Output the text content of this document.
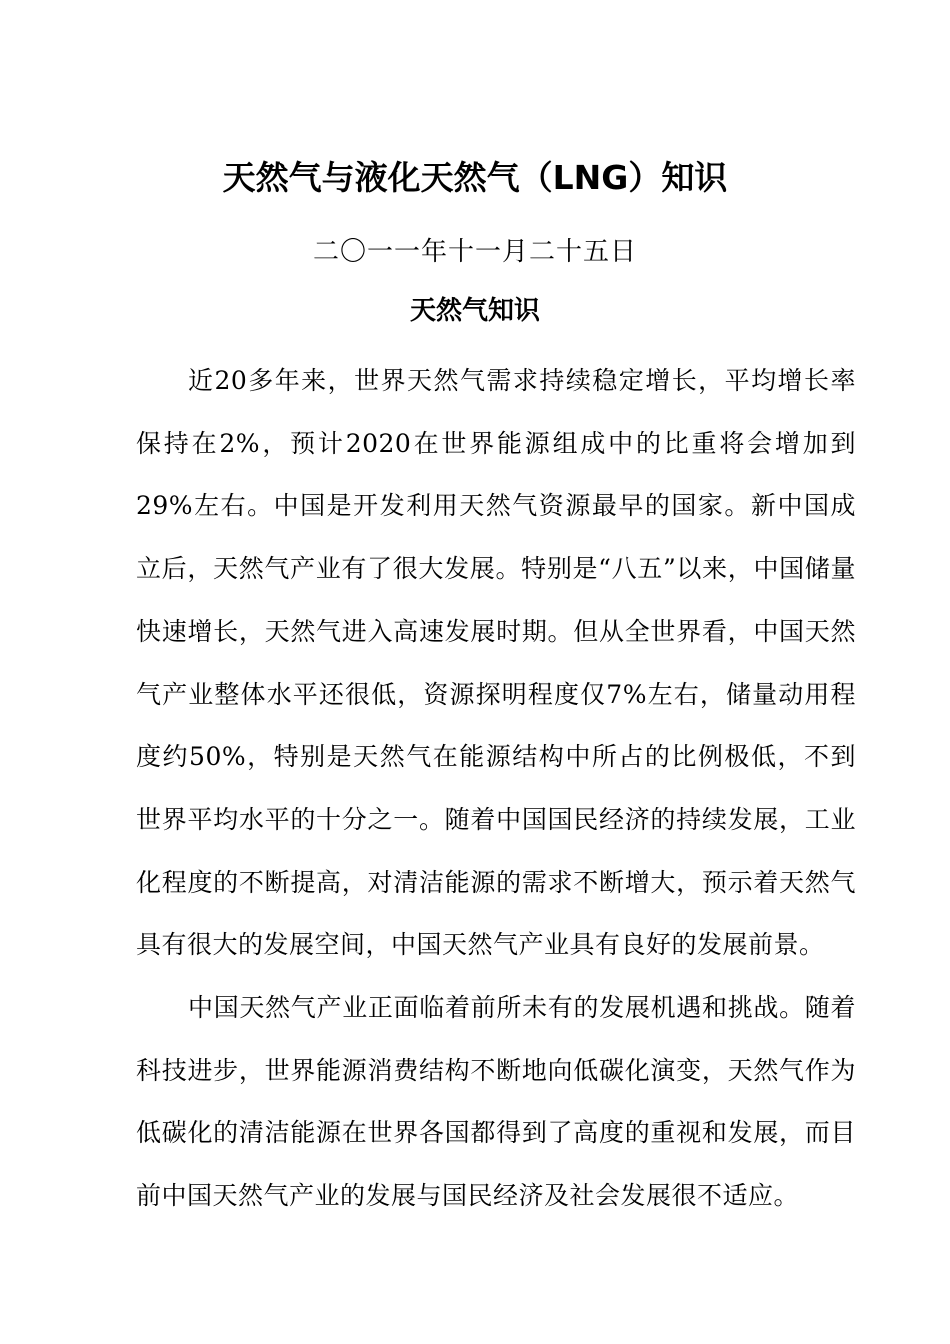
天然气与液化天然气（LNG）知识

二〇一一年十一月二十五日

天然气知识

近20多年来，世界天然气需求持续稳定增长，平均增长率保持在2%，预计2020在世界能源组成中的比重将会增加到29%左右。中国是开发利用天然气资源最早的国家。新中国成立后，天然气产业有了很大发展。特别是“八五”以来，中国储量快速增长，天然气进入高速发展时期。但从全世界看，中国天然气产业整体水平还很低，资源探明程度仅7%左右，储量动用程度约50%，特别是天然气在能源结构中所占的比例极低，不到世界平均水平的十分之一。随着中国国民经济的持续发展，工业化程度的不断提高，对清洁能源的需求不断增大，预示着天然气具有很大的发展空间，中国天然气产业具有良好的发展前景。

中国天然气产业正面临着前所未有的发展机遇和挑战。随着科技进步，世界能源消费结构不断地向低碳化演变，天然气作为低碳化的清洁能源在世界各国都得到了高度的重视和发展，而目前中国天然气产业的发展与国民经济及社会发展很不适应。
